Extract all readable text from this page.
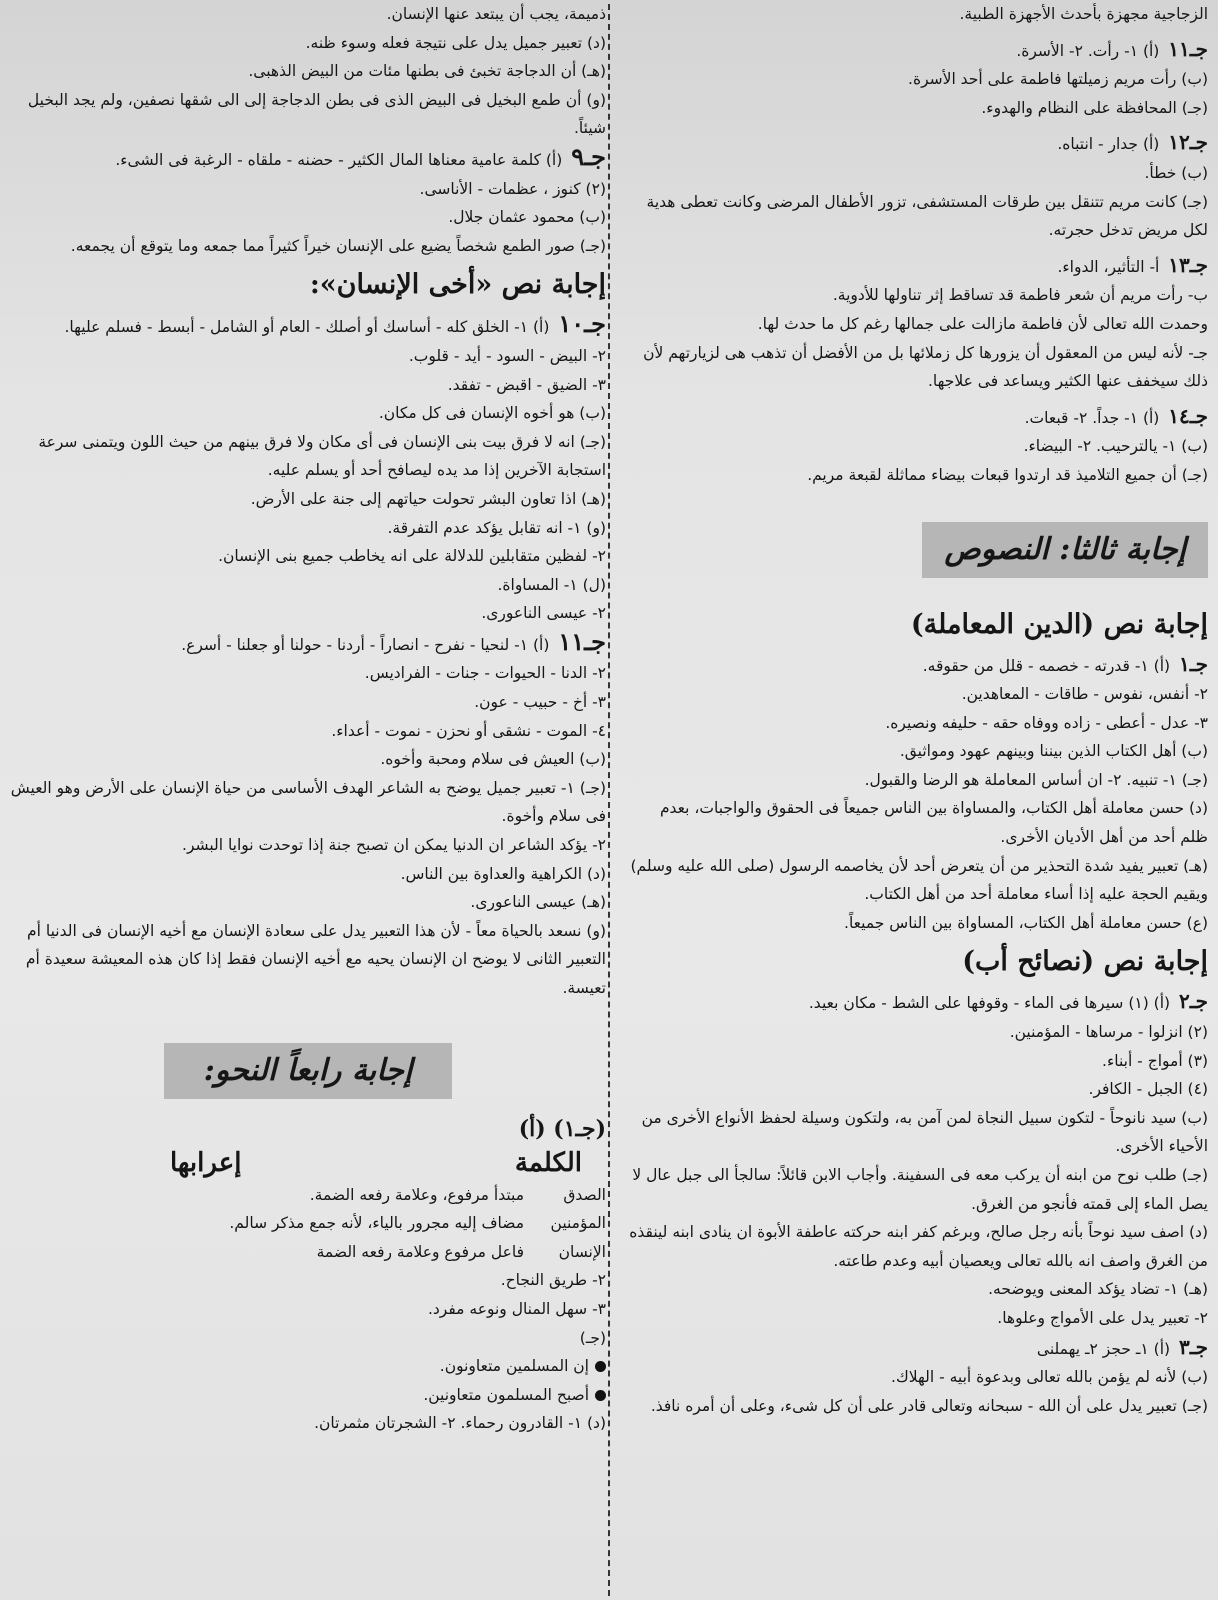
الزجاجية مجهزة بأحدث الأجهزة الطبية.

جـ١١ (أ) ١- رأت. ٢- الأسرة.

(ب) رأت مريم زميلتها فاطمة على أحد الأسرة.

(جـ) المحافظة على النظام والهدوء.

جـ١٢ (أ) جدار - انتباه.

(ب) خطأ.

(جـ) كانت مريم تتنقل بين طرقات المستشفى، تزور الأطفال المرضى وكانت تعطى هدية لكل مريض تدخل حجرته.

جـ١٣ أ- التأثير، الدواء.

ب- رأت مريم أن شعر فاطمة قد تساقط إثر تناولها للأدوية.

وحمدت الله تعالى لأن فاطمة مازالت على جمالها رغم كل ما حدث لها.

جـ- لأنه ليس من المعقول أن يزورها كل زملائها بل من الأفضل أن تذهب هى لزيارتهم لأن ذلك سيخفف عنها الكثير ويساعد فى علاجها.

جـ١٤ (أ) ١- جداً. ٢- قبعات.

(ب) ١- يالترحيب. ٢- البيضاء.

(جـ) أن جميع التلاميذ قد ارتدوا قبعات بيضاء مماثلة لقبعة مريم.

إجابة ثالثا: النصوص
إجابة نص (الدين المعاملة)

جـ١ (أ) ١- قدرته - خصمه - قلل من حقوقه.

٢- أنفس، نفوس - طاقات - المعاهدين.

٣- عدل - أعطى - زاده ووفاه حقه - حليفه ونصيره.

(ب) أهل الكتاب الذين بيننا وبينهم عهود ومواثيق.

(جـ) ١- تنبيه. ٢- ان أساس المعاملة هو الرضا والقبول.

(د) حسن معاملة أهل الكتاب، والمساواة بين الناس جميعاً فى الحقوق والواجبات، بعدم ظلم أحد من أهل الأديان الأخرى.

(هـ) تعبير يفيد شدة التحذير من أن يتعرض أحد لأن يخاصمه الرسول (صلى الله عليه وسلم) ويقيم الحجة عليه إذا أساء معاملة أحد من أهل الكتاب.

(ع) حسن معاملة أهل الكتاب، المساواة بين الناس جميعاً.

إجابة نص (نصائح أب)

جـ٢ (أ) (١) سيرها فى الماء - وقوفها على الشط - مكان بعيد.

(٢) انزلوا - مرساها - المؤمنين.

(٣) أمواج - أبناء.

(٤) الجبل - الكافر.

(ب) سيد نانوحاً - لتكون سبيل النجاة لمن آمن به، ولتكون وسيلة لحفظ الأنواع الأخرى من الأحياء الأخرى.

(جـ) طلب نوح من ابنه أن يركب معه فى السفينة. وأجاب الابن قائلاً: سالجأ الى جبل عال لا يصل الماء إلى قمته فأنجو من الغرق.

(د) اصف سيد نوحاً بأنه رجل صالح، وبرغم كفر ابنه حركته عاطفة الأبوة ان ينادى ابنه لينقذه من الغرق واصف انه بالله تعالى ويعصيان أبيه وعدم طاعته.

(هـ) ١- تضاد يؤكد المعنى ويوضحه.

٢- تعبير يدل على الأمواج وعلوها.

جـ٣ (أ) ١ـ حجز ٢ـ يهملنى

(ب) لأنه لم يؤمن بالله تعالى وبدعوة أبيه - الهلاك.

(جـ) تعبير يدل على أن الله - سبحانه وتعالى قادر على أن كل شىء، وعلى أن أمره نافذ.

ذميمة، يجب أن يبتعد عنها الإنسان.

(د) تعبير جميل يدل على نتيجة فعله وسوء ظنه.

(هـ) أن الدجاجة تخبئ فى بطنها مئات من البيض الذهبى.

(و) أن طمع البخيل فى البيض الذى فى بطن الدجاجة إلى الى شقها نصفين، ولم يجد البخيل شيئاً.

جـ٩ (أ) كلمة عامية معناها المال الكثير - حضنه - ملقاه - الرغبة فى الشىء.

(٢) كنوز ، عظمات - الأناسى.

(ب) محمود عثمان جلال.

(جـ) صور الطمع شخصاً يضيع على الإنسان خيراً كثيراً مما جمعه وما يتوقع أن يجمعه.

إجابة نص «أخى الإنسان»:

جـ١٠ (أ) ١- الخلق كله - أساسك أو أصلك - العام أو الشامل - أبسط - فسلم عليها.

٢- البيض - السود - أيد - قلوب.

٣- الضيق - اقبض - تفقد.

(ب) هو أخوه الإنسان فى كل مكان.

(جـ) انه لا فرق بيت بنى الإنسان فى أى مكان ولا فرق بينهم من حيث اللون ويتمنى سرعة استجابة الآخرين إذا مد يده ليصافح أحد أو يسلم عليه.

(هـ) اذا تعاون البشر تحولت حياتهم إلى جنة على الأرض.

(و) ١- انه تقابل يؤكد عدم التفرقة.

٢- لفظين متقابلين للدلالة على انه يخاطب جميع بنى الإنسان.

(ل) ١- المساواة.

٢- عيسى الناعورى.

جـ١١ (أ) ١- لنحيا - نفرح - انصاراً - أردنا - حولنا أو جعلنا - أسرع.

٢- الدنا - الحيوات - جنات - الفراديس.

٣- أخ - حبيب - عون.

٤- الموت - نشقى أو نحزن - نموت - أعداء.

(ب) العيش فى سلام ومحبة وأخوه.

(جـ) ١- تعبير جميل يوضح به الشاعر الهدف الأساسى من حياة الإنسان على الأرض وهو العيش فى سلام وأخوة.

٢- يؤكد الشاعر ان الدنيا يمكن ان تصبح جنة إذا توحدت نوايا البشر.

(د) الكراهية والعداوة بين الناس.

(هـ) عيسى الناعورى.

(و) نسعد بالحياة معاً - لأن هذا التعبير يدل على سعادة الإنسان مع أخيه الإنسان فى الدنيا أم التعبير الثانى لا يوضح ان الإنسان يحيه مع أخيه الإنسان فقط إذا كان هذه المعيشة سعيدة أم تعيسة.

إجابة رابعاً النحو:

(جـ١) (أ)

الكلمة
إعرابها
الصدق
مبتدأ مرفوع، وعلامة رفعه الضمة.
المؤمنين
مضاف إليه مجرور بالياء، لأنه جمع مذكر سالم.
الإنسان
فاعل مرفوع وعلامة رفعه الضمة

٢- طريق النجاح.

٣- سهل المنال ونوعه مفرد.

(جـ)

إن المسلمين متعاونون.

أصبح المسلمون متعاونين.

(د) ١- القادرون رحماء. ٢- الشجرتان مثمرتان.
